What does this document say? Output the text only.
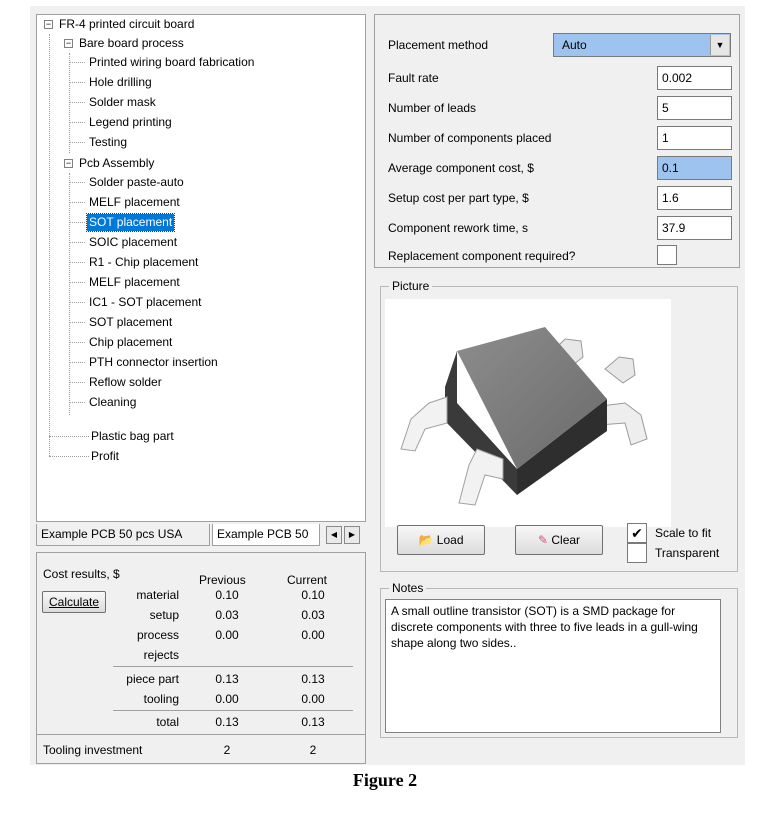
− FR-4 printed circuit board
− Bare board process
Printed wiring board fabrication
Hole drilling
Solder mask
Legend printing
Testing
− Pcb Assembly
Solder paste-auto
MELF placement
SOT placement
SOIC placement
R1 - Chip placement
MELF placement
IC1 - SOT placement
SOT placement
Chip placement
PTH connector insertion
Reflow solder
Cleaning
Plastic bag part
Profit
Example PCB 50 pcs USA	Example PCB 50	◀	▶
Cost results, $	Previous	Current
Calculate	material	0.10	0.10
setup	0.03	0.03
process	0.00	0.00
rejects
piece part	0.13	0.13
tooling	0.00	0.00
total	0.13	0.13
Tooling investment	2	2
Placement method	Auto	▼
Fault rate	0.002
Number of leads	5
Number of components placed	1
Average component cost, $	0.1
Setup cost per part type, $	1.6
Component rework time, s	37.9
Replacement component required?
Picture
📂 Load	✎ Clear	✔	Scale to fit
Transparent
Notes
A small outline transistor (SOT) is a SMD package for discrete components with three to five leads in a gull-wing shape along two sides..
Figure 2
